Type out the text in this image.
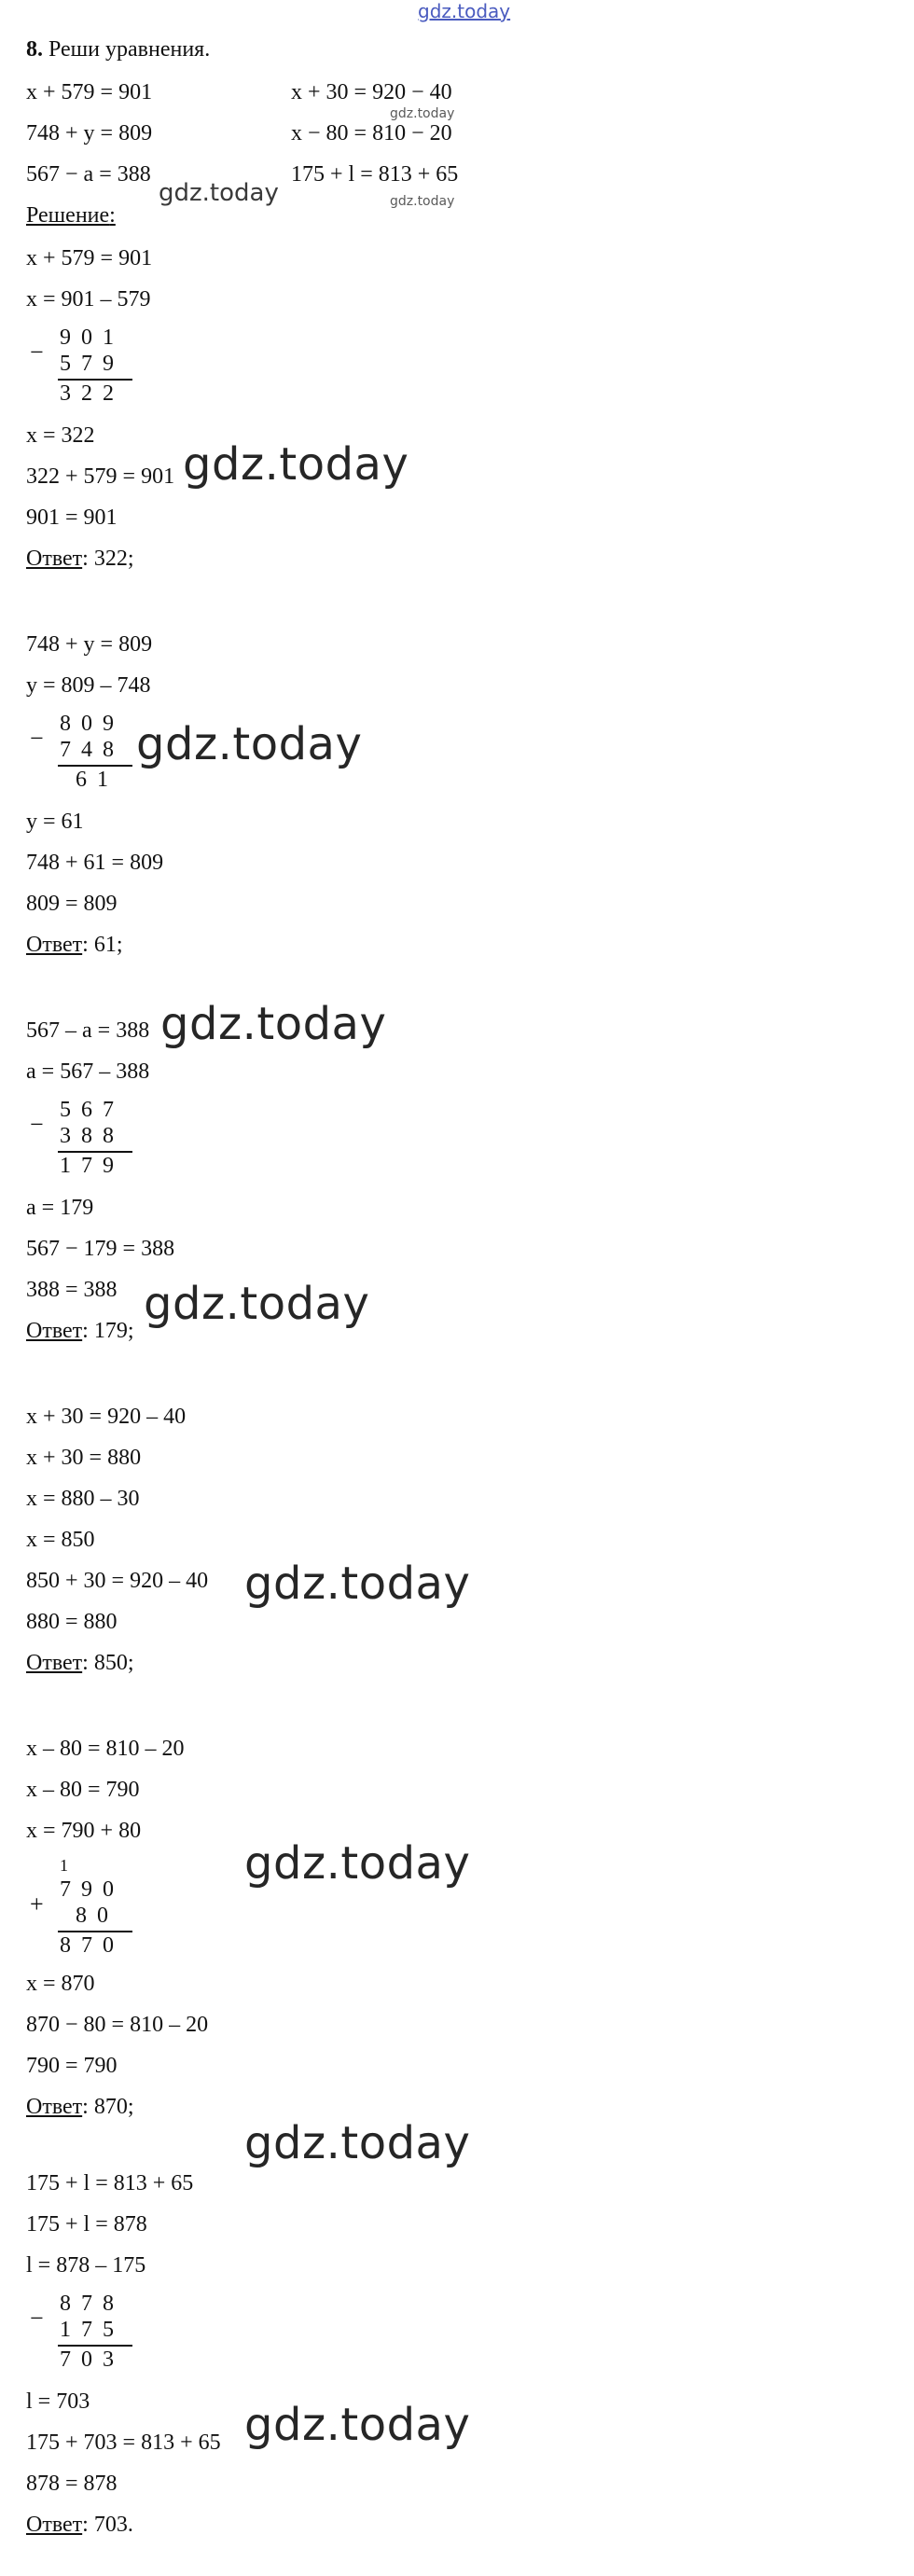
gdz.today
8. Реши уравнения.
x + 579 = 901
748 + y = 809
567 − a = 388
x + 30 = 920 − 40
x − 80 = 810 − 20
175 + l = 813 + 65
gdz.today
gdz.today	gdz.today
Решение:
x + 579 = 901
x = 901 – 579
901
− 579
322
x = 322
322 + 579 = 901
901 = 901
Ответ: 322;
gdz.today
748 + y = 809
y = 809 – 748
809
− 748
61
gdz.today
y = 61
748 + 61 = 809
809 = 809
Ответ: 61;
567 – a = 388 gdz.today
a = 567 – 388
567
− 388
179
a = 179
567 − 179 = 388
388 = 388
Ответ: 179;
gdz.today
x + 30 = 920 – 40
x + 30 = 880
x = 880 – 30
x = 850
850 + 30 = 920 – 40
880 = 880
Ответ: 850;
gdz.today
x – 80 = 810 – 20
x – 80 = 790
x = 790 + 80
1
790
+ 80
870
gdz.today
x = 870
870 − 80 = 810 – 20
790 = 790
Ответ: 870;
gdz.today
175 + l = 813 + 65
175 + l = 878
l = 878 – 175
878
− 175
703
l = 703
175 + 703 = 813 + 65
878 = 878
Ответ: 703.
gdz.today
